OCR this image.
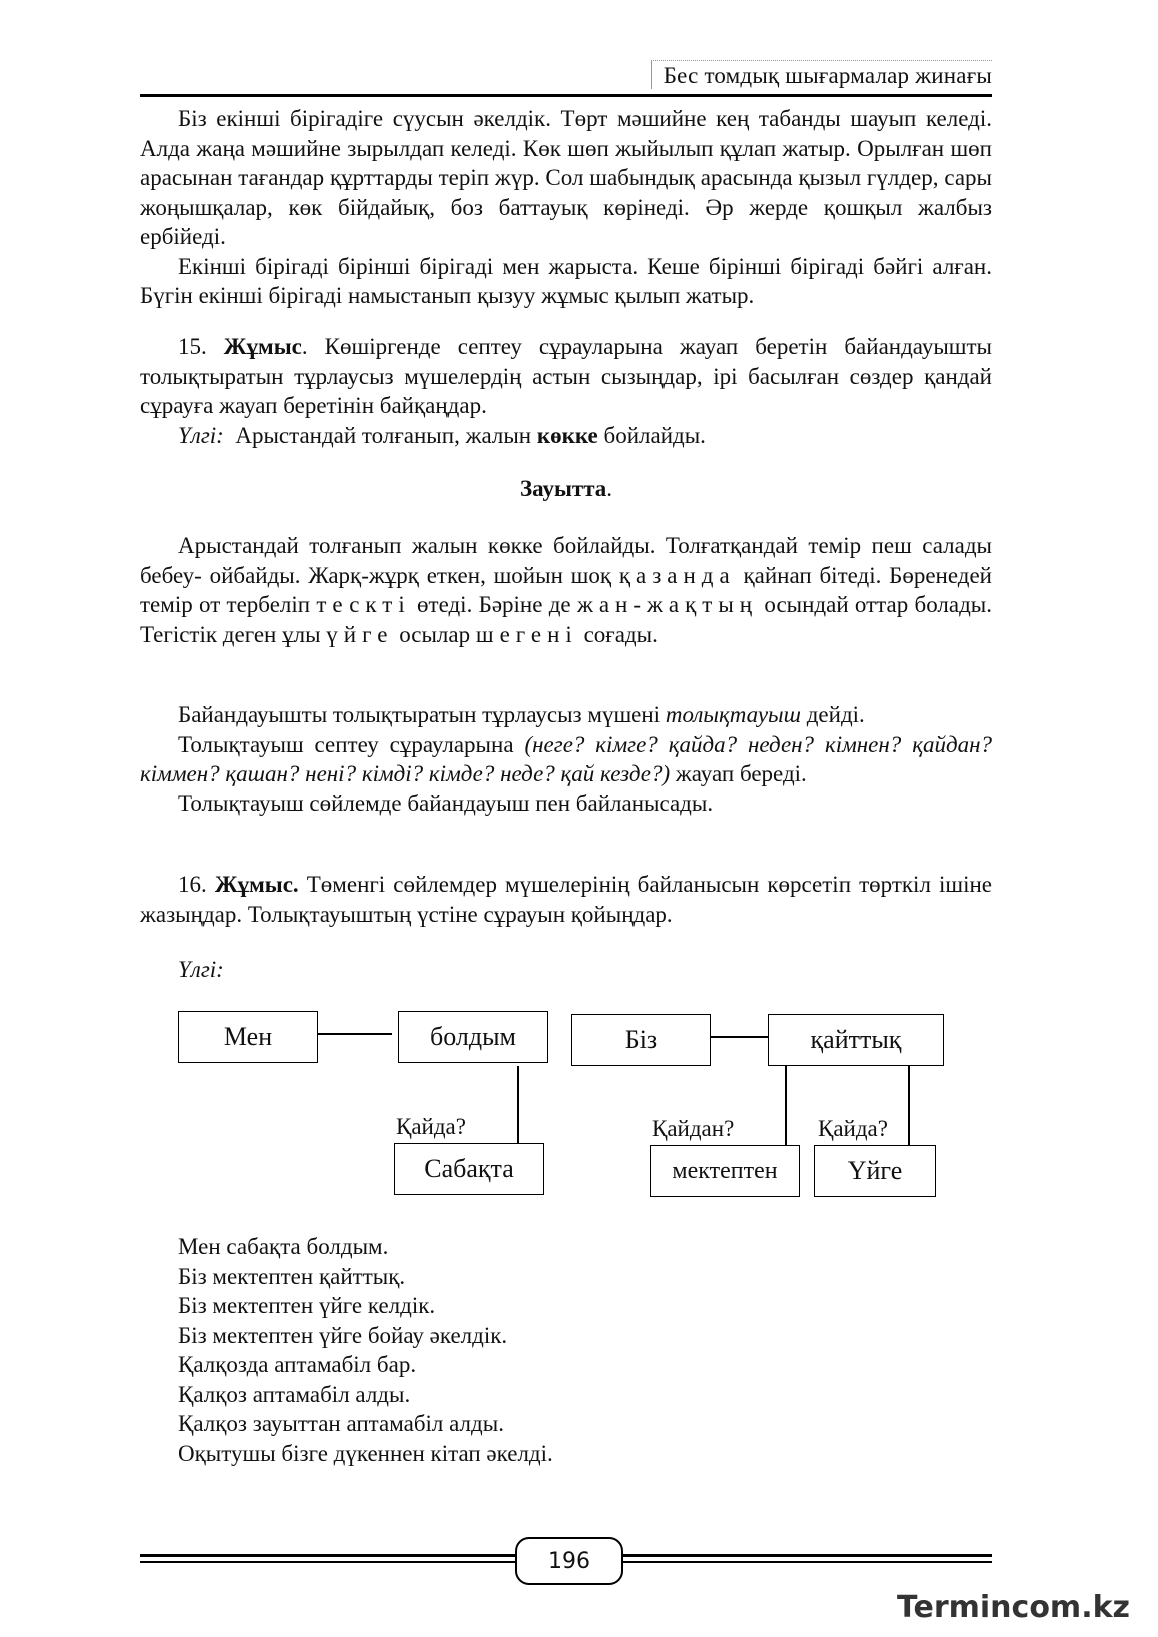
Бес томдық шығармалар жинағы

Біз екінші бірігадіге сүусын әкелдік. Төрт мәшийне кең табанды шауып келеді. Алда жаңа мәшийне зырылдап келеді. Көк шөп жыйылып құлап жатыр. Орылған шөп арасынан тағандар құрттарды теріп жүр. Сол шабындық арасында қызыл гүлдер, сары жоңышқалар, көк бійдайық, боз баттауық көрінеді. Әр жерде қошқыл жалбыз ербійеді.

Екінші бірігаді бірінші бірігаді мен жарыста. Кеше бірінші бірігаді бәйгі алған. Бүгін екінші бірігаді намыстанып қызуу жұмыс қылып жатыр.

15. Жұмыс. Көшіргенде септеу сұрауларына жауап беретін байандауышты толықтыратын тұрлаусыз мүшелердің астын сызыңдар, ірі басылған сөздер қандай сұрауға жауап беретінін байқаңдар.

Үлгі:  Арыстандай толғанып, жалын көкке бойлайды.

Зауытта.

Арыстандай толғанып жалын көкке бойлайды. Толғатқандай темір пеш салады бебеу- ойбайды. Жарқ-жұрқ еткен, шойын шоқ қазанда қайнап бітеді. Бөренедей темір от тербеліп тескті өтеді. Бәріне де жан-жақтың осындай оттар болады. Тегістік деген ұлы үйге осылар шегені соғады.

Байандауышты толықтыратын тұрлаусыз мүшені толықтауыш дейді.

Толықтауыш септеу сұрауларына (неге? кімге? қайда? неден? кімнен? қайдан? кіммен? қашан? нені? кімді? кімде? неде? қай кезде?) жауап береді.

Толықтауыш сөйлемде байандауыш пен байланысады.

16. Жұмыс. Төменгі сөйлемдер мүшелерінің байланысын көрсетіп төрткіл ішіне жазыңдар. Толықтауыштың үстіне сұрауын қойыңдар.

Үлгі:

Мен	болдым
Қайда?
Сабақта
Біз	қайттық
Қайдан?	Қайда?
мектептен	Үйге
Мен сабақта болдым.
Біз мектептен қайттық.
Біз мектептен үйге келдік.
Біз мектептен үйге бойау әкелдік.
Қалқозда аптамабіл бар.
Қалқоз аптамабіл алды.
Қалқоз зауыттан аптамабіл алды.
Оқытушы бізге дүкеннен кітап әкелді.
196
Termincom.kz
